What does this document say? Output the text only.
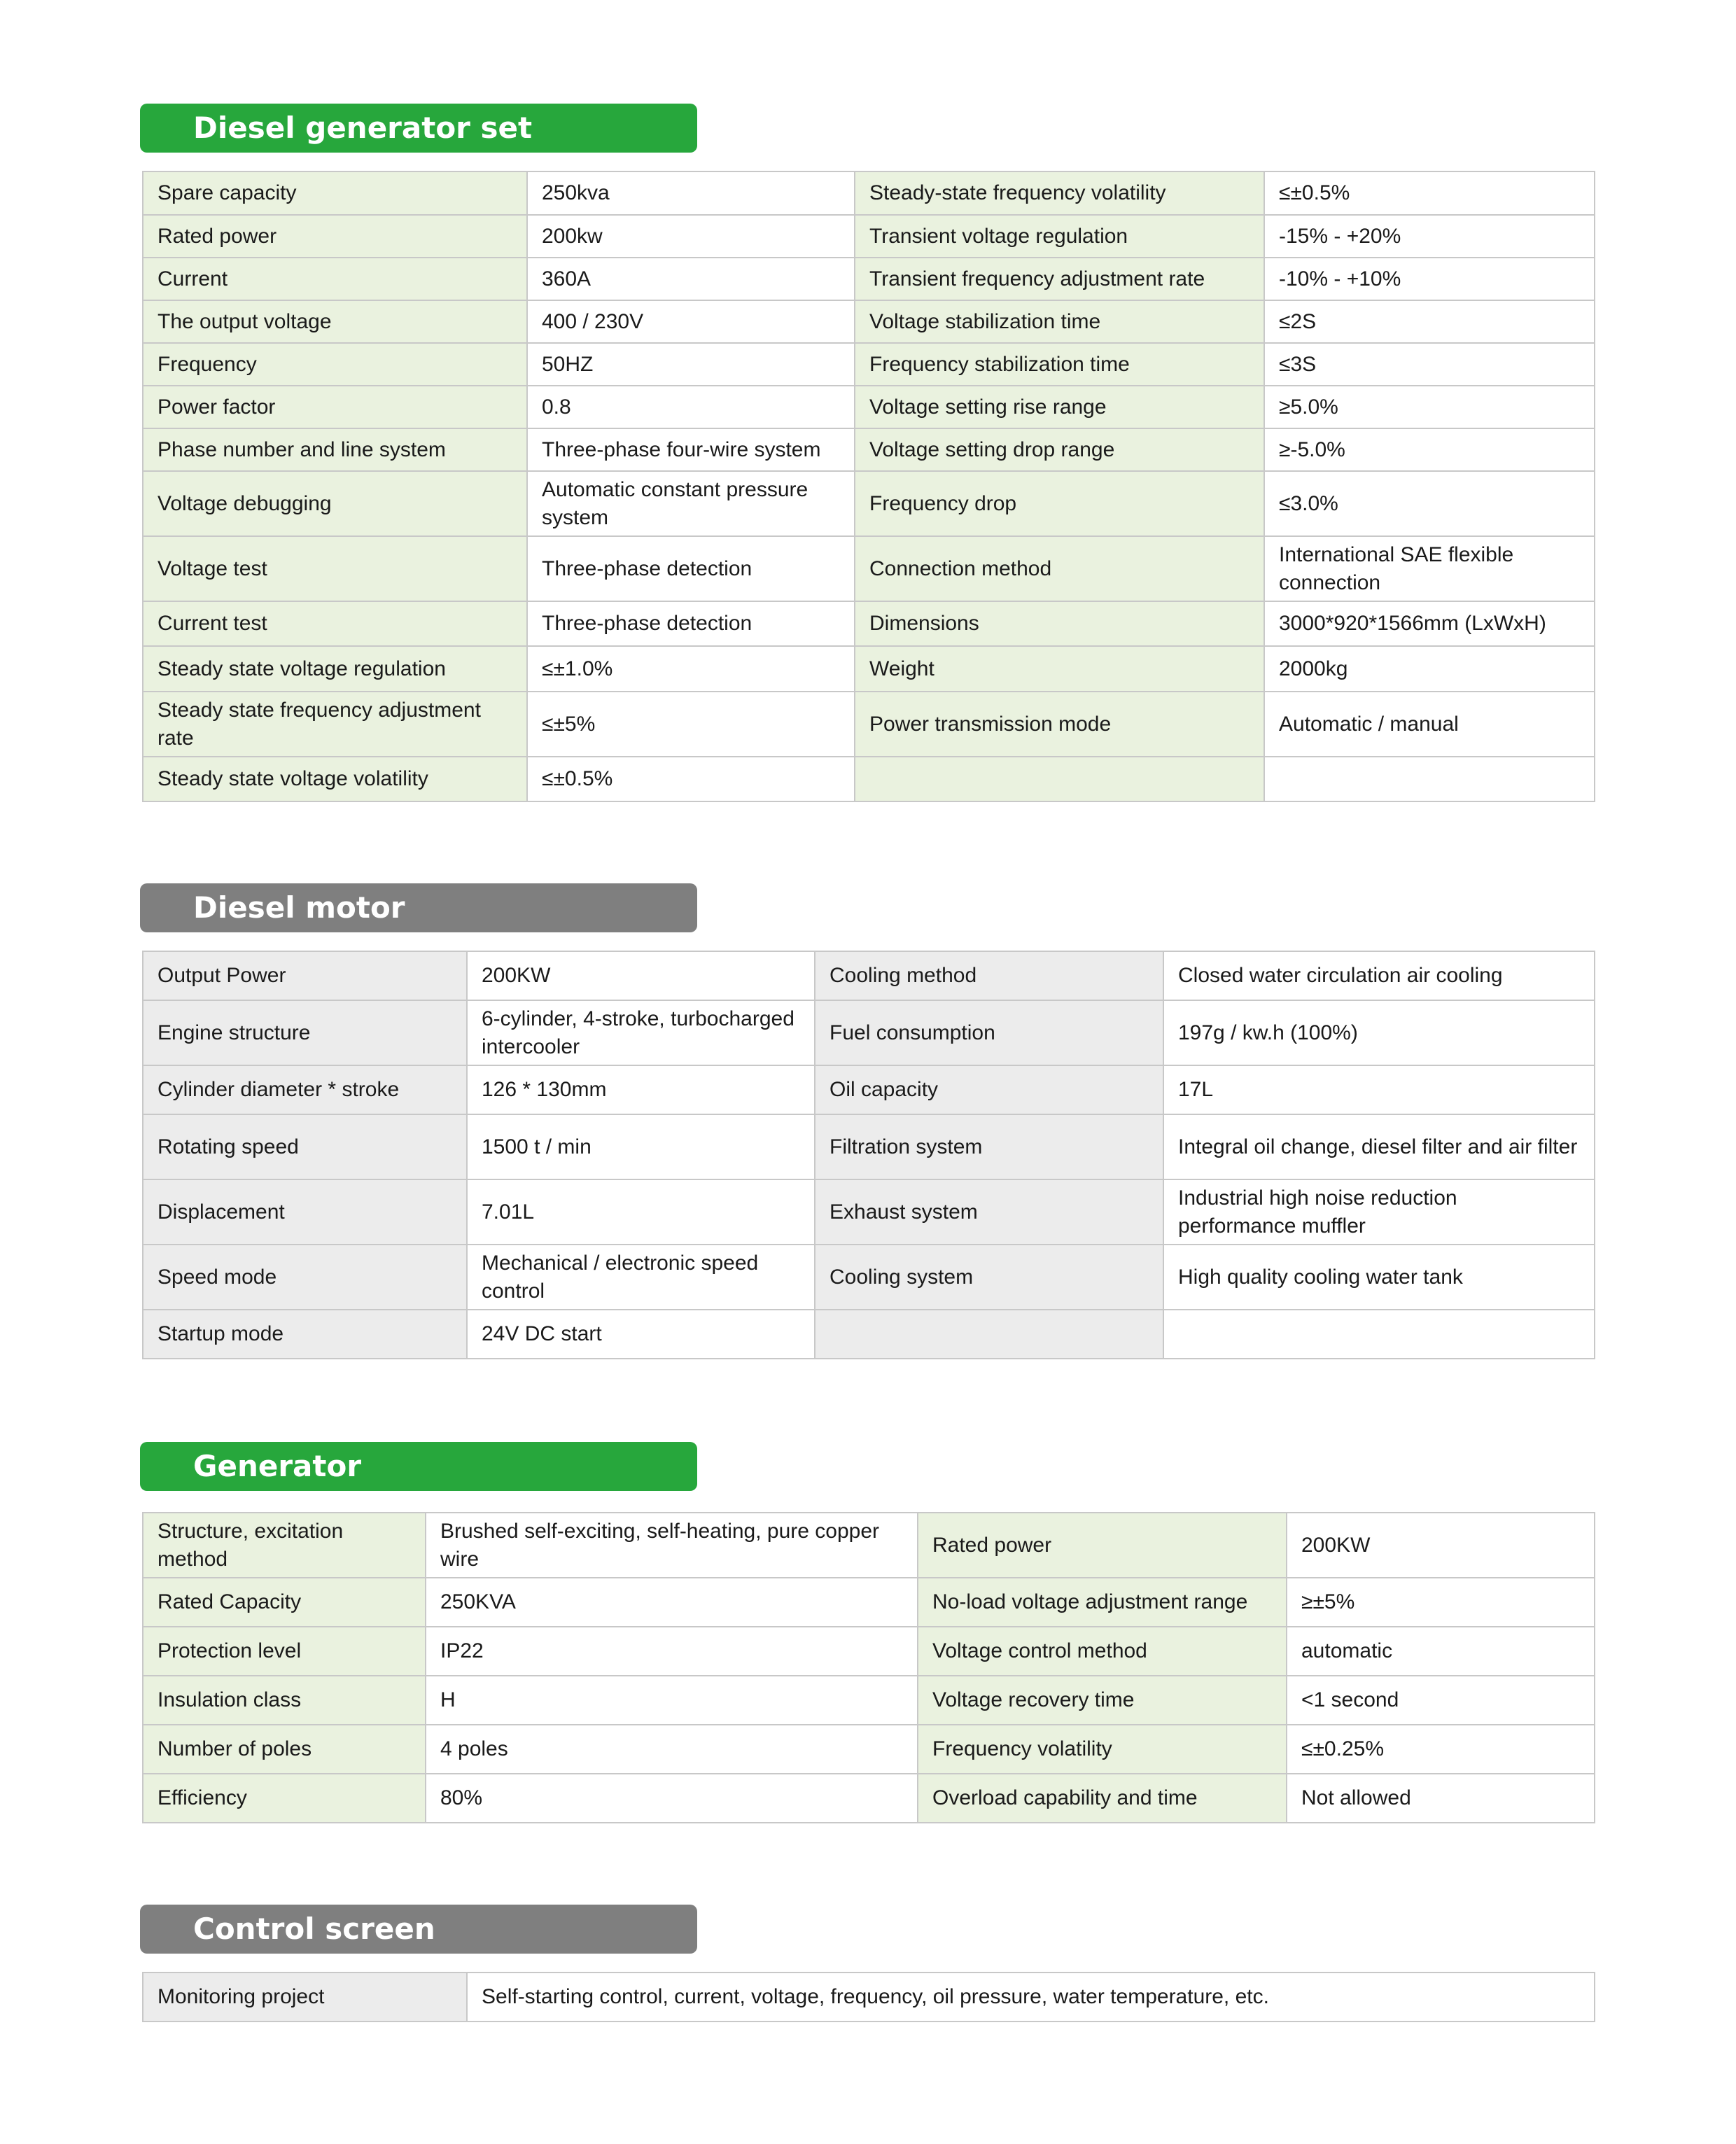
Diesel generator set
Spare capacity	250kva	Steady-state frequency volatility	≤±0.5%
Rated power	200kw	Transient voltage regulation	-15% - +20%
Current	360A	Transient frequency adjustment rate	-10% - +10%
The output voltage	400 / 230V	Voltage stabilization time	≤2S
Frequency	50HZ	Frequency stabilization time	≤3S
Power factor	0.8	Voltage setting rise range	≥5.0%
Phase number and line system	Three-phase four-wire system	Voltage setting drop range	≥-5.0%
Voltage debugging	Automatic constant pressure system	Frequency drop	≤3.0%
Voltage test	Three-phase detection	Connection method	International SAE flexible connection
Current test	Three-phase detection	Dimensions	3000*920*1566mm (LxWxH)
Steady state voltage regulation	≤±1.0%	Weight	2000kg
Steady state frequency adjustment rate	≤±5%	Power transmission mode	Automatic / manual
Steady state voltage volatility	≤±0.5%		
Diesel motor
Output Power	200KW	Cooling method	Closed water circulation air cooling
Engine structure	6-cylinder, 4-stroke, turbocharged intercooler	Fuel consumption	197g / kw.h (100%)
Cylinder diameter * stroke	126 * 130mm	Oil capacity	17L
Rotating speed	1500 t / min	Filtration system	Integral oil change, diesel filter and air filter
Displacement	7.01L	Exhaust system	Industrial high noise reduction performance muffler
Speed mode	Mechanical / electronic speed control	Cooling system	High quality cooling water tank
Startup mode	24V DC start		
Generator
Structure, excitation method	Brushed self-exciting, self-heating, pure copper wire	Rated power	200KW
Rated Capacity	250KVA	No-load voltage adjustment range	≥±5%
Protection level	IP22	Voltage control method	automatic
Insulation class	H	Voltage recovery time	<1 second
Number of poles	4 poles	Frequency volatility	≤±0.25%
Efficiency	80%	Overload capability and time	Not allowed
Control screen
Monitoring project	Self-starting control, current, voltage, frequency, oil pressure, water temperature, etc.
